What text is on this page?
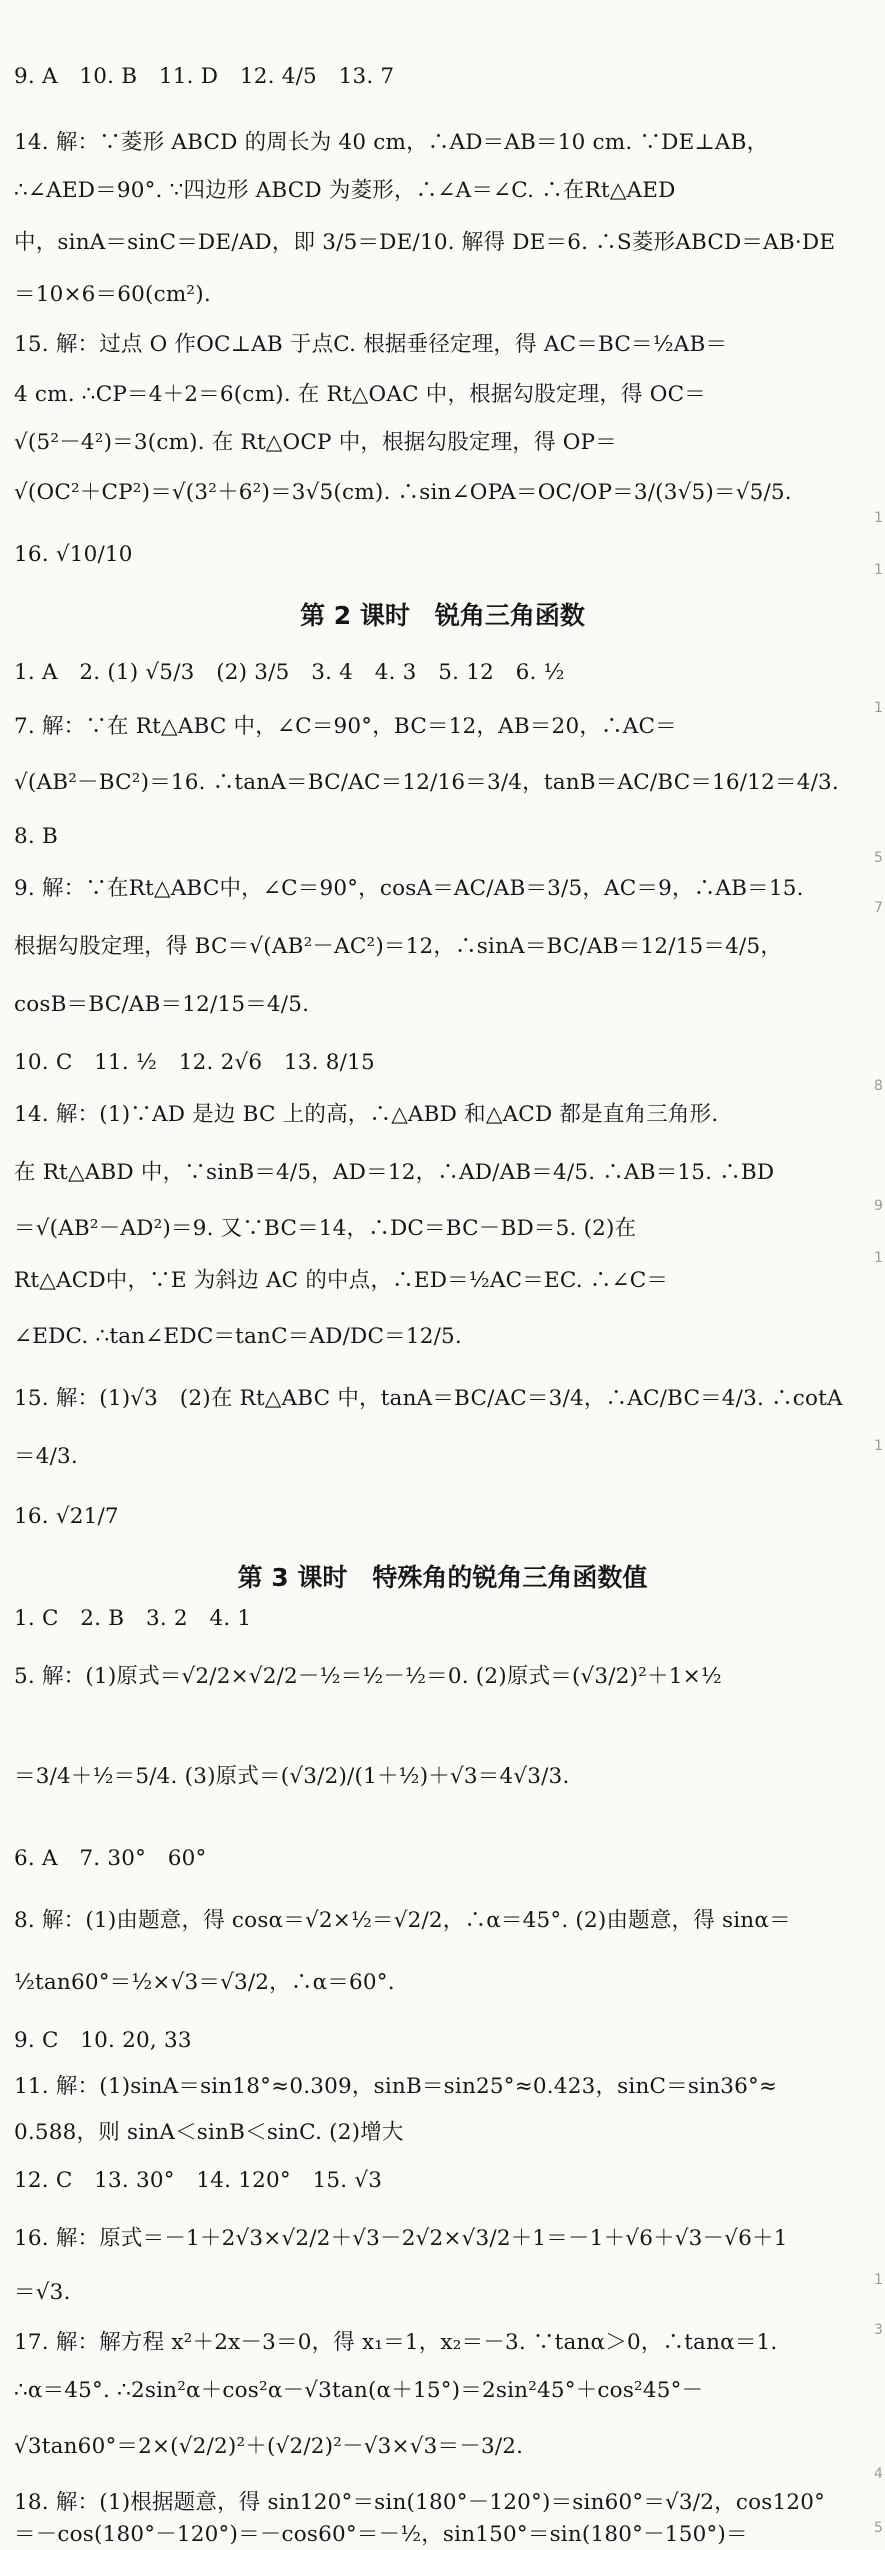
9. A　10. B　11. D　12. 4/5　13. 7
14. 解：∵菱形 ABCD 的周长为 40 cm，∴AD＝AB＝10 cm. ∵DE⊥AB，
∴∠AED＝90°. ∵四边形 ABCD 为菱形，∴∠A＝∠C. ∴在Rt△AED
中，sinA＝sinC＝DE/AD，即 3/5＝DE/10. 解得 DE＝6. ∴S菱形ABCD＝AB·DE
＝10×6＝60(cm²).
15. 解：过点 O 作OC⊥AB 于点C. 根据垂径定理，得 AC＝BC＝½AB＝
4 cm. ∴CP＝4＋2＝6(cm). 在 Rt△OAC 中，根据勾股定理，得 OC＝
√(5²－4²)＝3(cm). 在 Rt△OCP 中，根据勾股定理，得 OP＝
√(OC²＋CP²)＝√(3²＋6²)＝3√5(cm). ∴sin∠OPA＝OC/OP＝3/(3√5)＝√5/5.
16. √10/10
第 2 课时　锐角三角函数
1. A　2. (1) √5/3　(2) 3/5　3. 4　4. 3　5. 12　6. ½
7. 解：∵在 Rt△ABC 中，∠C＝90°，BC＝12，AB＝20，∴AC＝
√(AB²－BC²)＝16. ∴tanA＝BC/AC＝12/16＝3/4，tanB＝AC/BC＝16/12＝4/3.
8. B
9. 解：∵在Rt△ABC中，∠C＝90°，cosA＝AC/AB＝3/5，AC＝9，∴AB＝15.
根据勾股定理，得 BC＝√(AB²－AC²)＝12，∴sinA＝BC/AB＝12/15＝4/5，
cosB＝BC/AB＝12/15＝4/5.
10. C　11. ½　12. 2√6　13. 8/15
14. 解：(1)∵AD 是边 BC 上的高，∴△ABD 和△ACD 都是直角三角形.
在 Rt△ABD 中，∵sinB＝4/5，AD＝12，∴AD/AB＝4/5. ∴AB＝15. ∴BD
＝√(AB²－AD²)＝9. 又∵BC＝14，∴DC＝BC－BD＝5. (2)在
Rt△ACD中，∵E 为斜边 AC 的中点，∴ED＝½AC＝EC. ∴∠C＝
∠EDC. ∴tan∠EDC＝tanC＝AD/DC＝12/5.
15. 解：(1)√3　(2)在 Rt△ABC 中，tanA＝BC/AC＝3/4，∴AC/BC＝4/3. ∴cotA
＝4/3.
16. √21/7
第 3 课时　特殊角的锐角三角函数值
1. C　2. B　3. 2　4. 1
5. 解：(1)原式＝√2/2×√2/2－½＝½－½＝0. (2)原式＝(√3/2)²＋1×½
＝3/4＋½＝5/4. (3)原式＝(√3/2)/(1＋½)＋√3＝4√3/3.
6. A　7. 30°　60°
8. 解：(1)由题意，得 cosα＝√2×½＝√2/2，∴α＝45°. (2)由题意，得 sinα＝
½tan60°＝½×√3＝√3/2，∴α＝60°.
9. C　10. 20, 33
11. 解：(1)sinA＝sin18°≈0.309，sinB＝sin25°≈0.423，sinC＝sin36°≈
0.588，则 sinA＜sinB＜sinC. (2)增大
12. C　13. 30°　14. 120°　15. √3
16. 解：原式＝－1＋2√3×√2/2＋√3－2√2×√3/2＋1＝－1＋√6＋√3－√6＋1
＝√3.
17. 解：解方程 x²＋2x－3＝0，得 x₁＝1，x₂＝－3. ∵tanα＞0，∴tanα＝1.
∴α＝45°. ∴2sin²α＋cos²α－√3tan(α＋15°)＝2sin²45°＋cos²45°－
√3tan60°＝2×(√2/2)²＋(√2/2)²－√3×√3＝－3/2.
18. 解：(1)根据题意，得 sin120°＝sin(180°－120°)＝sin60°＝√3/2，cos120°
＝－cos(180°－120°)＝－cos60°＝－½，sin150°＝sin(180°－150°)＝
1
1
1
5
7
8
9
1
1
1
3
4
5
